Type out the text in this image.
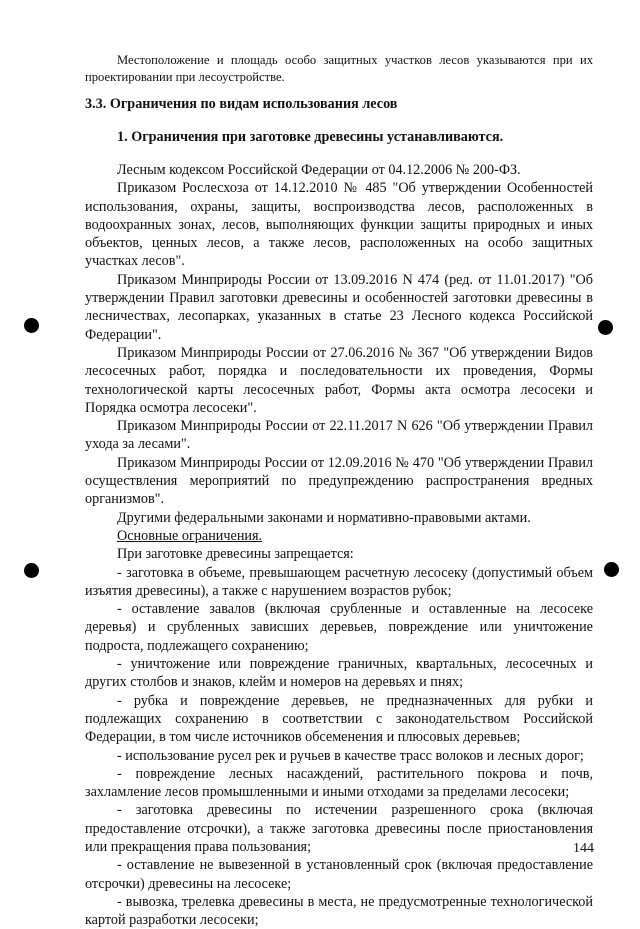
Местоположение и площадь особо защитных участков лесов указываются при их проектировании при лесоустройстве.

3.3. Ограничения по видам использования лесов

1. Ограничения при заготовке древесины устанавливаются.

Лесным кодексом Российской Федерации от 04.12.2006 № 200-ФЗ.

Приказом Рослесхоза от 14.12.2010 № 485 "Об утверждении Особенностей использования, охраны, защиты, воспроизводства лесов, расположенных в водоохранных зонах, лесов, выполняющих функции защиты природных и иных объектов, ценных лесов, а также лесов, расположенных на особо защитных участках лесов".

Приказом Минприроды России от 13.09.2016 N 474 (ред. от 11.01.2017) "Об утверждении Правил заготовки древесины и особенностей заготовки древесины в лесничествах, лесопарках, указанных в статье 23 Лесного кодекса Российской Федерации".

Приказом Минприроды России от 27.06.2016 № 367 "Об утверждении Видов лесосечных работ, порядка и последовательности их проведения, Формы технологической карты лесосечных работ, Формы акта осмотра лесосеки и Порядка осмотра лесосеки".

Приказом Минприроды России от 22.11.2017 N 626 "Об утверждении Правил ухода за лесами".

Приказом Минприроды России от 12.09.2016 № 470 "Об утверждении Правил осуществления мероприятий по предупреждению распространения вредных организмов".

Другими федеральными законами и нормативно-правовыми актами.

Основные ограничения.

При заготовке древесины запрещается:

- заготовка в объеме, превышающем расчетную лесосеку (допустимый объем изъятия древесины), а также с нарушением возрастов рубок;

- оставление завалов (включая срубленные и оставленные на лесосеке деревья) и срубленных зависших деревьев, повреждение или уничтожение подроста, подлежащего сохранению;

- уничтожение или повреждение граничных, квартальных, лесосечных и других столбов и знаков, клейм и номеров на деревьях и пнях;

- рубка и повреждение деревьев, не предназначенных для рубки и подлежащих сохранению в соответствии с законодательством Российской Федерации, в том числе источников обсеменения и плюсовых деревьев;

- использование русел рек и ручьев в качестве трасс волоков и лесных дорог;

- повреждение лесных насаждений, растительного покрова и почв, захламление лесов промышленными и иными отходами за пределами лесосеки;

- заготовка древесины по истечении разрешенного срока (включая предоставление отсрочки), а также заготовка древесины после приостановления или прекращения права пользования;

- оставление не вывезенной в установленный срок (включая предоставление отсрочки) древесины на лесосеке;

- вывозка, трелевка древесины в места, не предусмотренные технологической картой разработки лесосеки;

144
